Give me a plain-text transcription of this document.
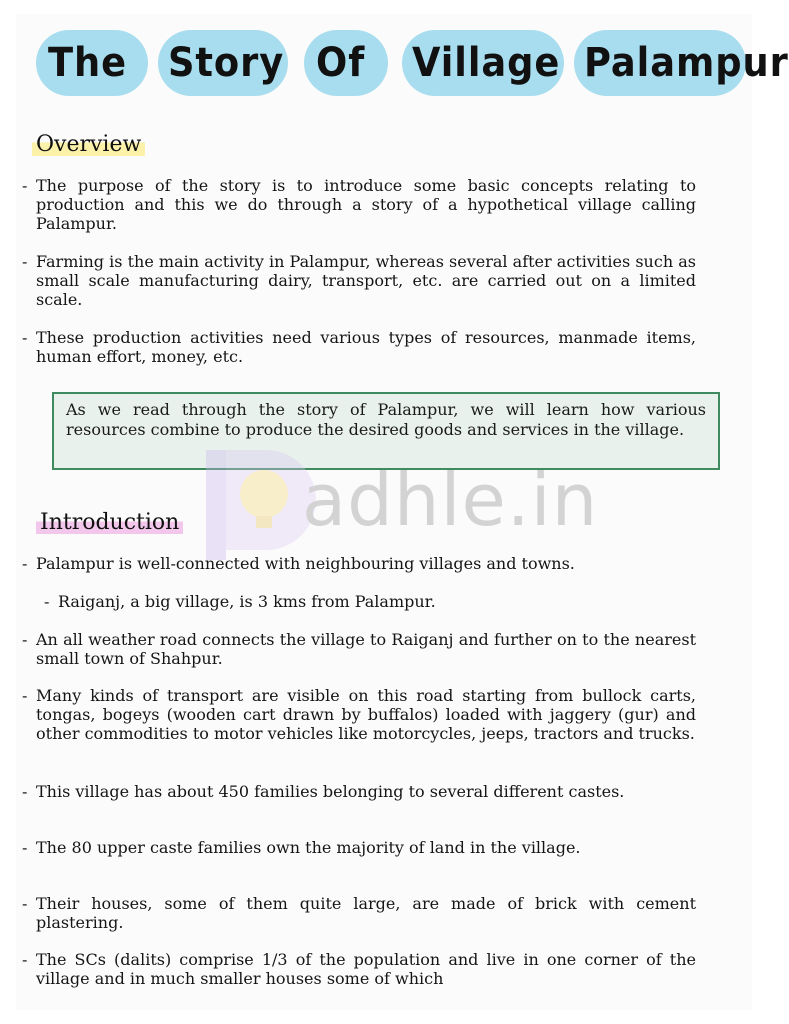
The Story Of Village Palampur
Overview
- The purpose of the story is to introduce some basic concepts relating to production and this we do through a story of a hypothetical village calling Palampur.
- Farming is the main activity in Palampur, whereas several after activities such as small scale manufacturing dairy, transport, etc. are carried out on a limited scale.
- These production activities need various types of resources, manmade items, human effort, money, etc.
As we read through the story of Palampur, we will learn how various resources combine to produce the desired goods and services in the village.
adhle.in
Introduction
- Palampur is well-connected with neighbouring villages and towns.
- Raiganj, a big village, is 3 kms from Palampur.
- An all weather road connects the village to Raiganj and further on to the nearest small town of Shahpur.
- Many kinds of transport are visible on this road starting from bullock carts, tongas, bogeys (wooden cart drawn by buffalos) loaded with jaggery (gur) and other commodities to motor vehicles like motorcycles, jeeps, tractors and trucks.
- This village has about 450 families belonging to several different castes.
- The 80 upper caste families own the majority of land in the village.
- Their houses, some of them quite large, are made of brick with cement plastering.
- The SCs (dalits) comprise 1/3 of the population and live in one corner of the village and in much smaller houses some of which
